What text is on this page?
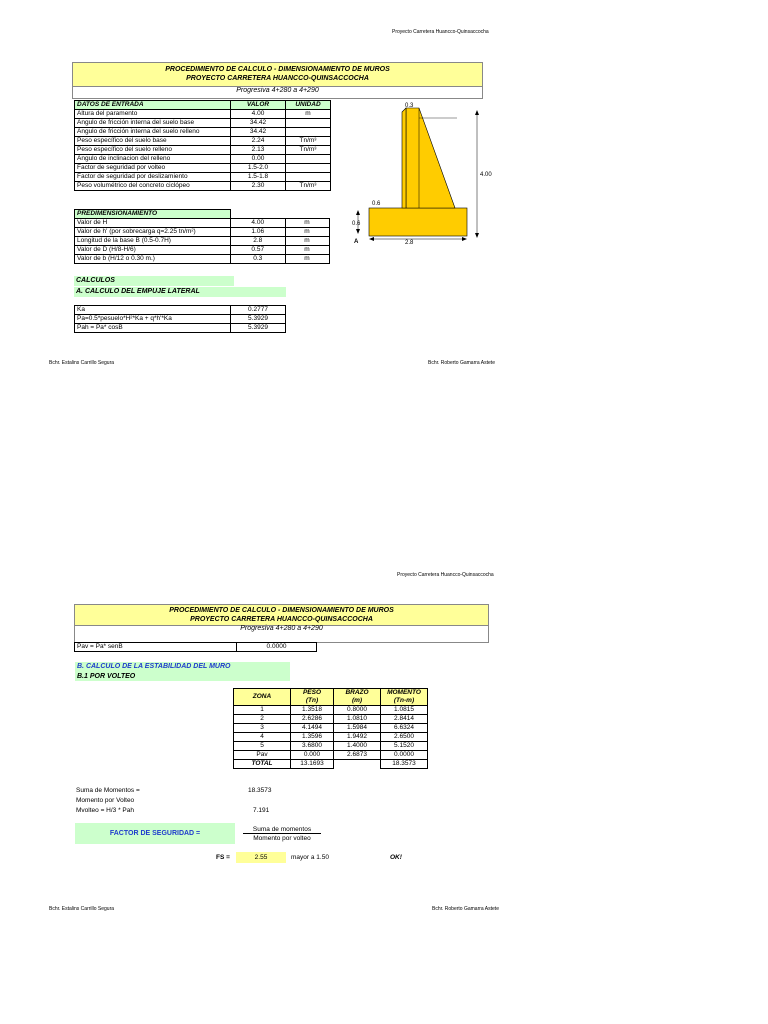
Proyecto Carretera Huancco-Quinsaccocha
PROCEDIMIENTO DE CALCULO - DIMENSIONAMIENTO DE MUROS
PROYECTO CARRETERA HUANCCO-QUINSACCOCHA
Progresiva 4+280 a 4+290
DATOS DE ENTRADA	VALOR	UNIDAD
Altura del paramento	4.00	m
Angulo de fricción interna del suelo base	34.42	
Angulo de fricción interna del suelo relleno	34.42	
Peso específico del suelo base	2.24	Tn/m³
Peso específico del suelo relleno	2.13	Tn/m³
Angulo de inclinacion del relleno	0.00	
Factor de seguridad por volteo	1.5-2.0	
Factor de seguridad por deslizamiento	1.5-1.8	
Peso volumétrico del concreto ciclópeo	2.30	Tn/m³
PREDIMENSIONAMIENTO		
Valor de H	4.00	m
Valor de h' (por sobrecarga q=2.25 tn/m²)	1.06	m
Longitud de la base B (0.5-0.7H)	2.8	m
Valor de D (H/8-H/6)	0.57	m
Valor de b (H/12 o 0.30 m.)	0.3	m
CALCULOS
A. CALCULO DEL EMPUJE LATERAL
Ka	0.2777
Pa=0.5*pesuelo*H²*Ka + q*h'*Ka	5.3929
Pah = Pa* cosB	5.3929
0.3
4.00
0.6
0.6
2.8
A
Bchr. Estalins Carrillo Segura	Bchr. Roberto Gamarra Astete
Proyecto Carretera Huancco-Quinsaccocha
PROCEDIMIENTO DE CALCULO - DIMENSIONAMIENTO DE MUROS
PROYECTO CARRETERA HUANCCO-QUINSACCOCHA
Progresiva 4+280 a 4+290
Pav = Pa* senB	0.0000
B. CALCULO DE LA ESTABILIDAD DEL MURO
B.1 POR VOLTEO
ZONA	PESO	BRAZO	MOMENTO
	(Tn)	(m)	(Tn-m)
1	1.3518	0.8000	1.0815
2	2.6286	1.0810	2.8414
3	4.1494	1.5984	6.6324
4	1.3596	1.9492	2.6500
5	3.6800	1.4000	5.1520
Pav	0.000	2.6873	0.0000
TOTAL	13.1693		18.3573
Suma de Momentos =	18.3573
Momento por Volteo
Mvolteo = H/3 * Pah	7.191
FACTOR DE SEGURIDAD =
Suma de momentos
Momento por volteo
FS =	2.55	mayor a 1.50	OK!
Bchr. Estalins Carrillo Segura	Bchr. Roberto Gamarra Astete
